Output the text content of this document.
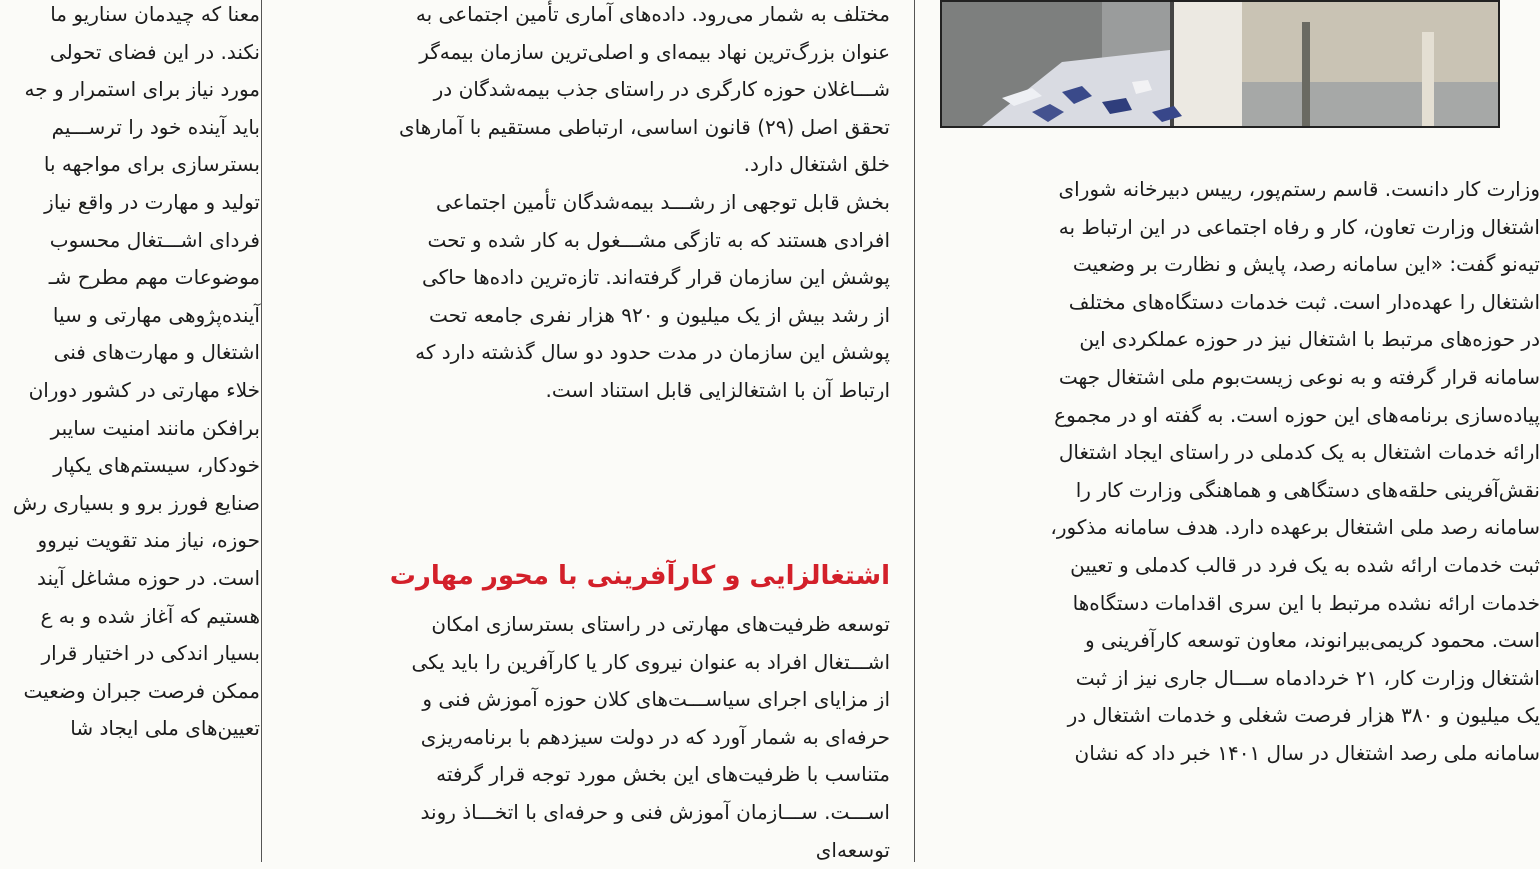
معنا که چیدمان سناریو ما
نکند. در این فضای تحولی
مورد نیاز برای استمرار و جه
باید آینده خود را ترســـیم
بسترسازی برای مواجهه با
تولید و مهارت در واقع نیاز
فردای اشـــتغال محسوب
موضوعات مهم مطرح شـ
آینده‌پژوهی مهارتی و سیا
اشتغال و مهارت‌های فنی
خلاء مهارتی در کشور دوران
برافکن مانند امنیت سایبر
خودکار، سیستم‌های یکپار
صنایع فورز برو و بسیاری رش
حوزه، نیاز مند تقویت نیروو
است. در حوزه مشاغل آیند
هستیم که آغاز شده و به ع
بسیار اندکی در اختیار قرار
ممکن فرصت جبران وضعیت
تعیین‌های ملی ایجاد شا
مختلف به شمار می‌رود. داده‌های آماری تأمین اجتماعی به
عنوان بزرگ‌ترین نهاد بیمه‌ای و اصلی‌ترین سازمان بیمه‌گر
شـــاغلان حوزه کارگری در راستای جذب بیمه‌شدگان در
تحقق اصل (۲۹) قانون اساسی، ارتباطی مستقیم با آمارهای
خلق اشتغال دارد.
بخش قابل توجهی از رشـــد بیمه‌شدگان تأمین اجتماعی
افرادی هستند که به تازگی مشـــغول به کار شده و تحت
پوشش این سازمان قرار گرفته‌اند. تازه‌ترین داده‌ها حاکی
از رشد بیش از یک میلیون و ۹۲۰ هزار نفری جامعه تحت
پوشش این سازمان در مدت حدود دو سال گذشته دارد که
ارتباط آن با اشتغالزایی قابل استناد است.
اشتغالزایی و کارآفرینی با محور مهارت
توسعه ظرفیت‌های مهارتی در راستای بسترسازی امکان
اشـــتغال افراد به عنوان نیروی کار یا کارآفرین را باید یکی
از مزایای اجرای سیاســـت‌های کلان حوزه آموزش فنی و
حرفه‌ای به شمار آورد که در دولت سیزدهم با برنامه‌ریزی
متناسب با ظرفیت‌های این بخش مورد توجه قرار گرفته
اســـت. ســـازمان آموزش فنی و حرفه‌ای با اتخـــاذ روند
توسعه‌ای
وزارت کار دانست. قاسم رستم‌پور، رییس دبیرخانه شورای
اشتغال وزارت تعاون، کار و رفاه اجتماعی در این ارتباط به
تیه‌نو گفت: «این سامانه رصد، پایش و نظارت بر وضعیت
اشتغال را عهده‌دار است. ثبت خدمات دستگاه‌های مختلف
در حوزه‌های مرتبط با اشتغال نیز در حوزه عملکردی این
سامانه قرار گرفته و به نوعی زیست‌بوم ملی اشتغال جهت
پیاده‌سازی برنامه‌های این حوزه است. به گفته او در مجموع
ارائه خدمات اشتغال به یک کدملی در راستای ایجاد اشتغال
نقش‌آفرینی حلقه‌های دستگاهی و هماهنگی وزارت کار را
سامانه رصد ملی اشتغال برعهده دارد. هدف سامانه مذکور،
ثبت خدمات ارائه شده به یک فرد در قالب کدملی و تعیین
خدمات ارائه نشده مرتبط با این سری اقدامات دستگاه‌ها
است. محمود کریمی‌بیرانوند، معاون توسعه کارآفرینی و
اشتغال وزارت کار، ۲۱ خردادماه ســـال جاری نیز از ثبت
یک میلیون و ۳۸۰ هزار فرصت شغلی و خدمات اشتغال در
سامانه ملی رصد اشتغال در سال ۱۴۰۱ خبر داد که نشان
